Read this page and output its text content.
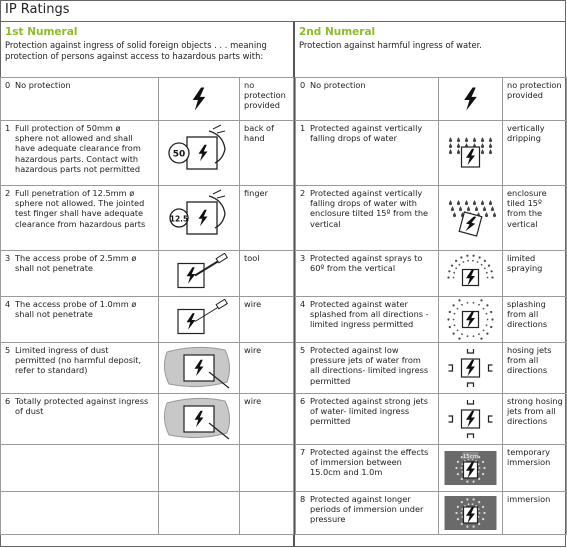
IP Ratings

1st Numeral

Protection against ingress of solid foreign objects . . . meaning protection of persons against access to hazardous parts with:

2nd Numeral

Protection against harmful ingress of water.

0 No protection		no protection provided
1 Full protection of 50mm ø sphere not allowed and shall have adequate clearance from hazardous parts. Contact with hazardous parts not permitted	50	back of hand
2 Full penetration of 12.5mm ø sphere not allowed. The jointed test finger shall have adequate clearance from hazardous parts	12.5	finger
3 The access probe of 2.5mm ø shall not penetrate		tool
4 The access probe of 1.0mm ø shall not penetrate		wire
5 Limited ingress of dust permitted (no harmful deposit, refer to standard)		wire
6 Totally protected against ingress of dust		wire

0 No protection		no protection provided
1 Protected against vertically falling drops of water		vertically dripping
2 Protected against vertically falling drops of water with enclosure tilted 15º from the vertical		enclosure tiled 15º from the vertical
3 Protected against sprays to 60º from the vertical		limited spraying
4 Protected against water splashed from all directions - limited ingress permitted		splashing from all directions
5 Protected against low pressure jets of water from all directions- limited ingress permitted		hosing jets from all directions
6 Protected against strong jets of water- limited ingress permitted		strong hosing jets from all directions
7 Protected against the effects of immersion between 15.0cm and 1.0m	15cm	temporary immersion
8 Protected against longer periods of immersion under pressure		immersion
